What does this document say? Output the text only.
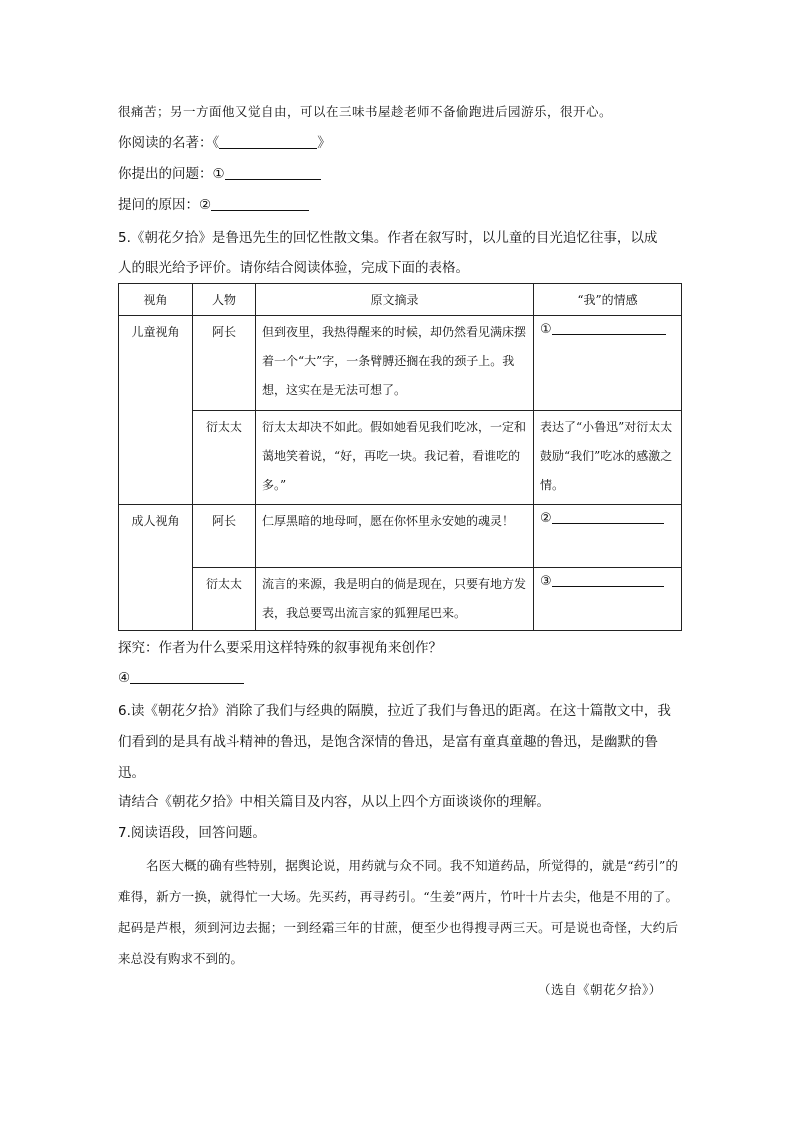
很痛苦；另一方面他又觉自由，可以在三味书屋趁老师不备偷跑进后园游乐，很开心。
你阅读的名著：《	》
你提出的问题：①
提问的原因：②
5.《朝花夕拾》是鲁迅先生的回忆性散文集。作者在叙写时，以儿童的目光追忆往事，以成
人的眼光给予评价。请你结合阅读体验，完成下面的表格。
视角	人物	原文摘录	“我”的情感

儿童视角	阿长	但到夜里，我热得醒来的时候，却仍然看见满床摆着一个“大”字，一条臂膊还搁在我的颈子上。我想，这实在是无法可想了。	①

	衍太太	衍太太却决不如此。假如她看见我们吃冰，一定和蔼地笑着说，“好，再吃一块。我记着，看谁吃的多。”	表达了“小鲁迅”对衍太太鼓励“我们”吃冰的感激之情。

成人视角	阿长	仁厚黑暗的地母呵，愿在你怀里永安她的魂灵！	②

	衍太太	流言的来源，我是明白的倘是现在，只要有地方发表，我总要骂出流言家的狐狸尾巴来。	③
探究：作者为什么要采用这样特殊的叙事视角来创作？
④
6.读《朝花夕拾》消除了我们与经典的隔膜，拉近了我们与鲁迅的距离。在这十篇散文中，我们看到的是具有战斗精神的鲁迅，是饱含深情的鲁迅，是富有童真童趣的鲁迅，是幽默的鲁迅。
请结合《朝花夕拾》中相关篇目及内容，从以上四个方面谈谈你的理解。
7.阅读语段，回答问题。
名医大概的确有些特别，据舆论说，用药就与众不同。我不知道药品，所觉得的，就是“药引”的难得，新方一换，就得忙一大场。先买药，再寻药引。“生姜”两片，竹叶十片去尖，他是不用的了。起码是芦根，须到河边去掘；一到经霜三年的甘蔗，便至少也得搜寻两三天。可是说也奇怪，大约后来总没有购求不到的。
（选自《朝花夕拾》）
